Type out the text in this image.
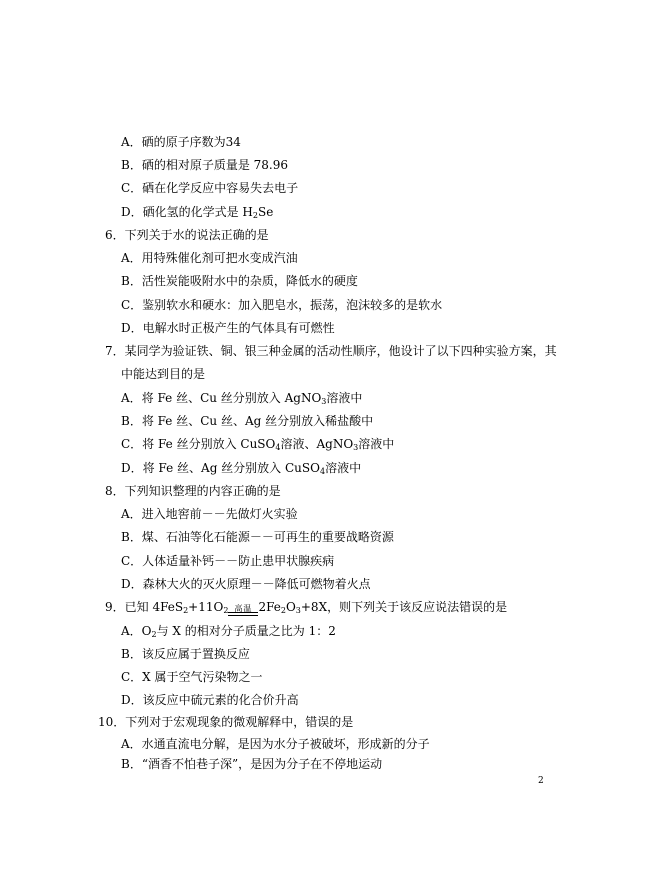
A．硒的原子序数为34
B．硒的相对原子质量是 78.96
C．硒在化学反应中容易失去电子
D．硒化氢的化学式是 $H_2Se$
6．下列关于水的说法正确的是
A．用特殊催化剂可把水变成汽油
B．活性炭能吸附水中的杂质，降低水的硬度
C．鉴别软水和硬水：加入肥皂水，振荡，泡沫较多的是软水
D．电解水时正极产生的气体具有可燃性
7．某同学为验证铁、铜、银三种金属的活动性顺序，他设计了以下四种实验方案，其
中能达到目的是
A．将 Fe 丝、Cu 丝分别放入 AgNO$_3$溶液中
B．将 Fe 丝、Cu 丝、Ag 丝分别放入稀盐酸中
C．将 Fe 丝分别放入 CuSO$_4$溶液、AgNO$_3$溶液中
D．将 Fe 丝、Ag 丝分别放入 CuSO$_4$溶液中
8．下列知识整理的内容正确的是
A．进入地窖前－－先做灯火实验
B．煤、石油等化石能源－－可再生的重要战略资源
C．人体适量补钙－－防止患甲状腺疾病
D．森林大火的灭火原理－－降低可燃物着火点
9．已知 $4FeS_2+11O_2$ 高温 $2Fe_2O_3+8X$，则下列关于该反应说法错误的是
A．$O_2$与 X 的相对分子质量之比为 1：2
B．该反应属于置换反应
C．X 属于空气污染物之一
D．该反应中硫元素的化合价升高
10．下列对于宏观现象的微观解释中，错误的是
A．水通直流电分解，是因为水分子被破坏，形成新的分子
B．“酒香不怕巷子深”，是因为分子在不停地运动
2
